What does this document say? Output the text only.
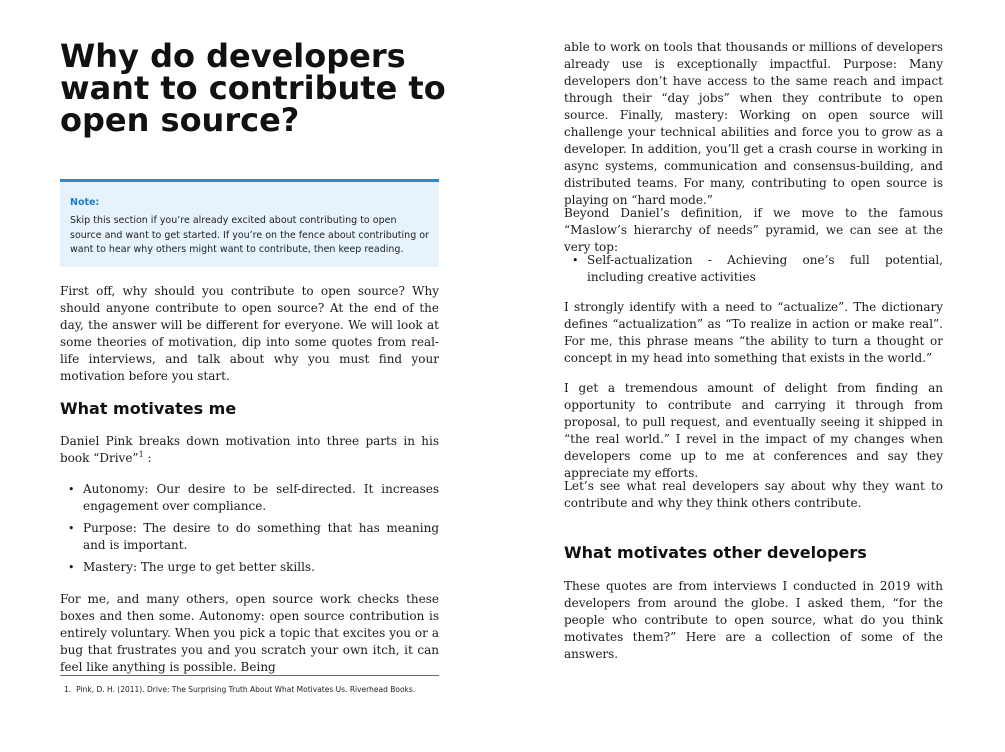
Why do developers want to contribute to open source?
Note:
Skip this section if you’re already excited about contributing to open source and want to get started. If you’re on the fence about contributing or want to hear why others might want to contribute, then keep reading.

First off, why should you contribute to open source? Why should anyone contribute to open source? At the end of the day, the answer will be different for everyone. We will look at some theories of motivation, dip into some quotes from real-life interviews, and talk about why you must find your motivation before you start.

What motivates me

Daniel Pink breaks down motivation into three parts in his book “Drive”$^1$ :

• Autonomy: Our desire to be self-directed. It increases engagement over compliance.
• Purpose: The desire to do something that has meaning and is important.
• Mastery: The urge to get better skills.

For me, and many others, open source work checks these boxes and then some. Autonomy: open source contribution is entirely voluntary. When you pick a topic that excites you or a bug that frustrates you and you scratch your own itch, it can feel like anything is possible. Being

1. Pink, D. H. (2011). Drive: The Surprising Truth About What Motivates Us. Riverhead Books.

able to work on tools that thousands or millions of developers already use is exceptionally impactful. Purpose: Many developers don’t have access to the same reach and impact through their “day jobs” when they contribute to open source. Finally, mastery: Working on open source will challenge your technical abilities and force you to grow as a developer. In addition, you’ll get a crash course in working in async systems, communication and consensus-building, and distributed teams. For many, contributing to open source is playing on “hard mode.”

Beyond Daniel’s definition, if we move to the famous “Maslow’s hierarchy of needs” pyramid, we can see at the very top:

• Self-actualization - Achieving one’s full potential, including creative activities

I strongly identify with a need to “actualize”. The dictionary defines “actualization” as “To realize in action or make real”. For me, this phrase means “the ability to turn a thought or concept in my head into something that exists in the world.”

I get a tremendous amount of delight from finding an opportunity to contribute and carrying it through from proposal, to pull request, and eventually seeing it shipped in “the real world.” I revel in the impact of my changes when developers come up to me at conferences and say they appreciate my efforts.

Let’s see what real developers say about why they want to contribute and why they think others contribute.

What motivates other developers

These quotes are from interviews I conducted in 2019 with developers from around the globe. I asked them, “for the people who contribute to open source, what do you think motivates them?” Here are a collection of some of the answers.
